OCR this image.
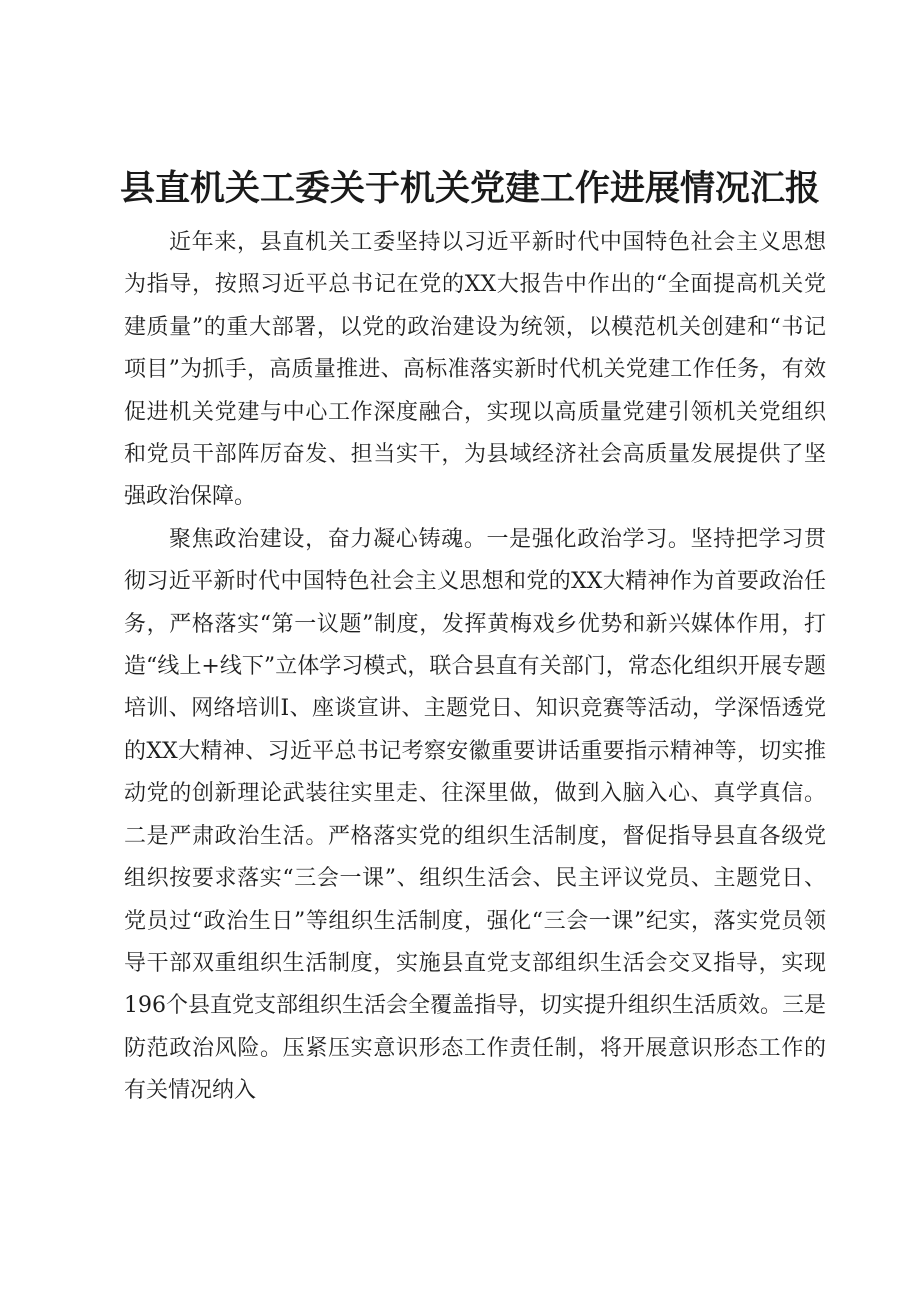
县直机关工委关于机关党建工作进展情况汇报

近年来，县直机关工委坚持以习近平新时代中国特色社会主义思想为指导，按照习近平总书记在党的XX大报告中作出的“全面提高机关党建质量”的重大部署，以党的政治建设为统领，以模范机关创建和“书记项目”为抓手，高质量推进、高标准落实新时代机关党建工作任务，有效促进机关党建与中心工作深度融合，实现以高质量党建引领机关党组织和党员干部阵厉奋发、担当实干，为县域经济社会高质量发展提供了坚强政治保障。

聚焦政治建设，奋力凝心铸魂。一是强化政治学习。坚持把学习贯彻习近平新时代中国特色社会主义思想和党的XX大精神作为首要政治任务，严格落实“第一议题”制度，发挥黄梅戏乡优势和新兴媒体作用，打造“线上+线下”立体学习模式，联合县直有关部门，常态化组织开展专题培训、网络培训I、座谈宣讲、主题党日、知识竞赛等活动，学深悟透党的XX大精神、习近平总书记考察安徽重要讲话重要指示精神等，切实推动党的创新理论武装往实里走、往深里做，做到入脑入心、真学真信。二是严肃政治生活。严格落实党的组织生活制度，督促指导县直各级党组织按要求落实“三会一课”、组织生活会、民主评议党员、主题党日、党员过“政治生日”等组织生活制度，强化“三会一课”纪实，落实党员领导干部双重组织生活制度，实施县直党支部组织生活会交叉指导，实现196个县直党支部组织生活会全覆盖指导，切实提升组织生活质效。三是防范政治风险。压紧压实意识形态工作责任制，将开展意识形态工作的有关情况纳入
